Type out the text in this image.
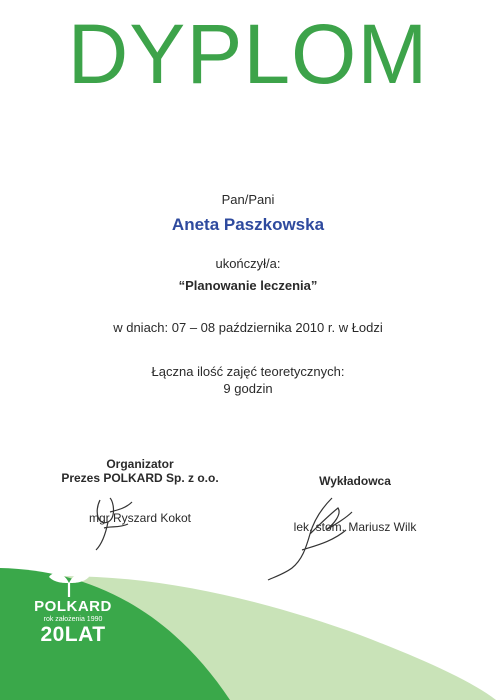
DYPLOM
Pan/Pani
Aneta Paszkowska
ukończył/a:
“Planowanie leczenia”
w dniach: 07 – 08 października 2010 r. w Łodzi
Łączna ilość zajęć teoretycznych:
9 godzin
Organizator
Prezes POLKARD Sp. z o.o.
mgr Ryszard Kokot
Wykładowca
lek. stom. Mariusz Wilk
POLKARD
rok założenia 1990
20LAT
